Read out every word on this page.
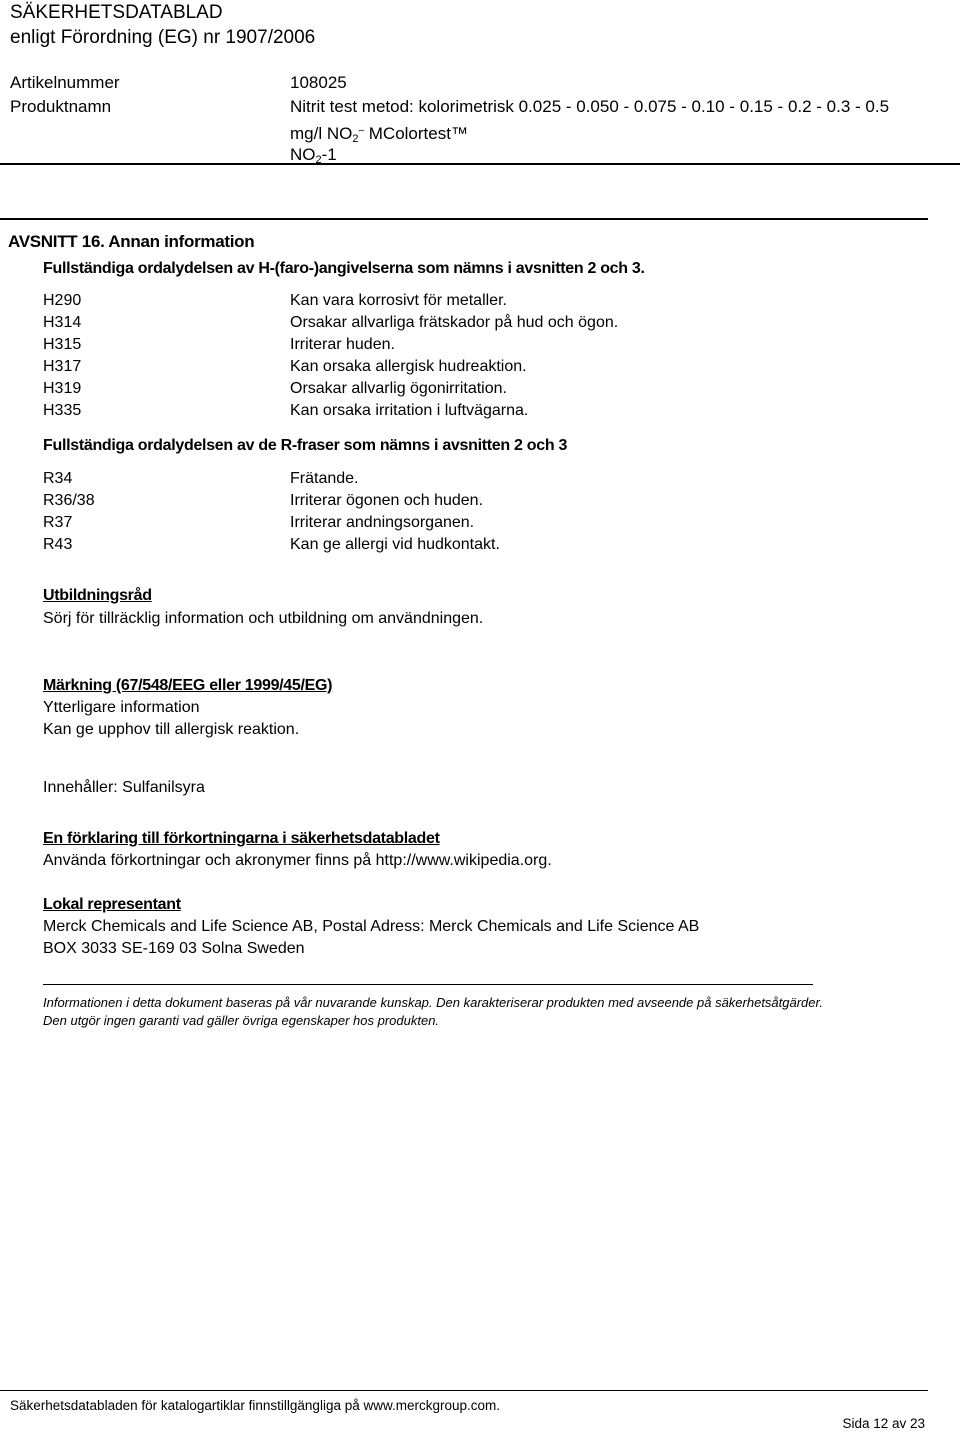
SÄKERHETSDATABLAD
enligt Förordning (EG) nr 1907/2006
Artikelnummer	108025
Produktnamn	Nitrit test metod: kolorimetrisk 0.025 - 0.050 - 0.075 - 0.10 - 0.15 - 0.2 - 0.3 - 0.5
mg/l $NO_2^-$ MColortest™
$NO_2-1$
AVSNITT 16. Annan information
Fullständiga ordalydelsen av H-(faro-)angivelserna som nämns i avsnitten 2 och 3.
H290	Kan vara korrosivt för metaller.
H314	Orsakar allvarliga frätskador på hud och ögon.
H315	Irriterar huden.
H317	Kan orsaka allergisk hudreaktion.
H319	Orsakar allvarlig ögonirritation.
H335	Kan orsaka irritation i luftvägarna.
Fullständiga ordalydelsen av de R-fraser som nämns i avsnitten 2 och 3
R34	Frätande.
R36/38	Irriterar ögonen och huden.
R37	Irriterar andningsorganen.
R43	Kan ge allergi vid hudkontakt.
Utbildningsråd
Sörj för tillräcklig information och utbildning om användningen.
Märkning (67/548/EEG eller 1999/45/EG)
Ytterligare information
Kan ge upphov till allergisk reaktion.
Innehåller: Sulfanilsyra
En förklaring till förkortningarna i säkerhetsdatabladet
Använda förkortningar och akronymer finns på http://www.wikipedia.org.
Lokal representant
Merck Chemicals and Life Science AB, Postal Adress: Merck Chemicals and Life Science AB
BOX 3033 SE-169 03 Solna Sweden
Informationen i detta dokument baseras på vår nuvarande kunskap. Den karakteriserar produkten med avseende på säkerhetsåtgärder.
Den utgör ingen garanti vad gäller övriga egenskaper hos produkten.
Säkerhetsdatabladen för katalogartiklar finnstillgängliga på www.merckgroup.com.
Sida 12 av 23
